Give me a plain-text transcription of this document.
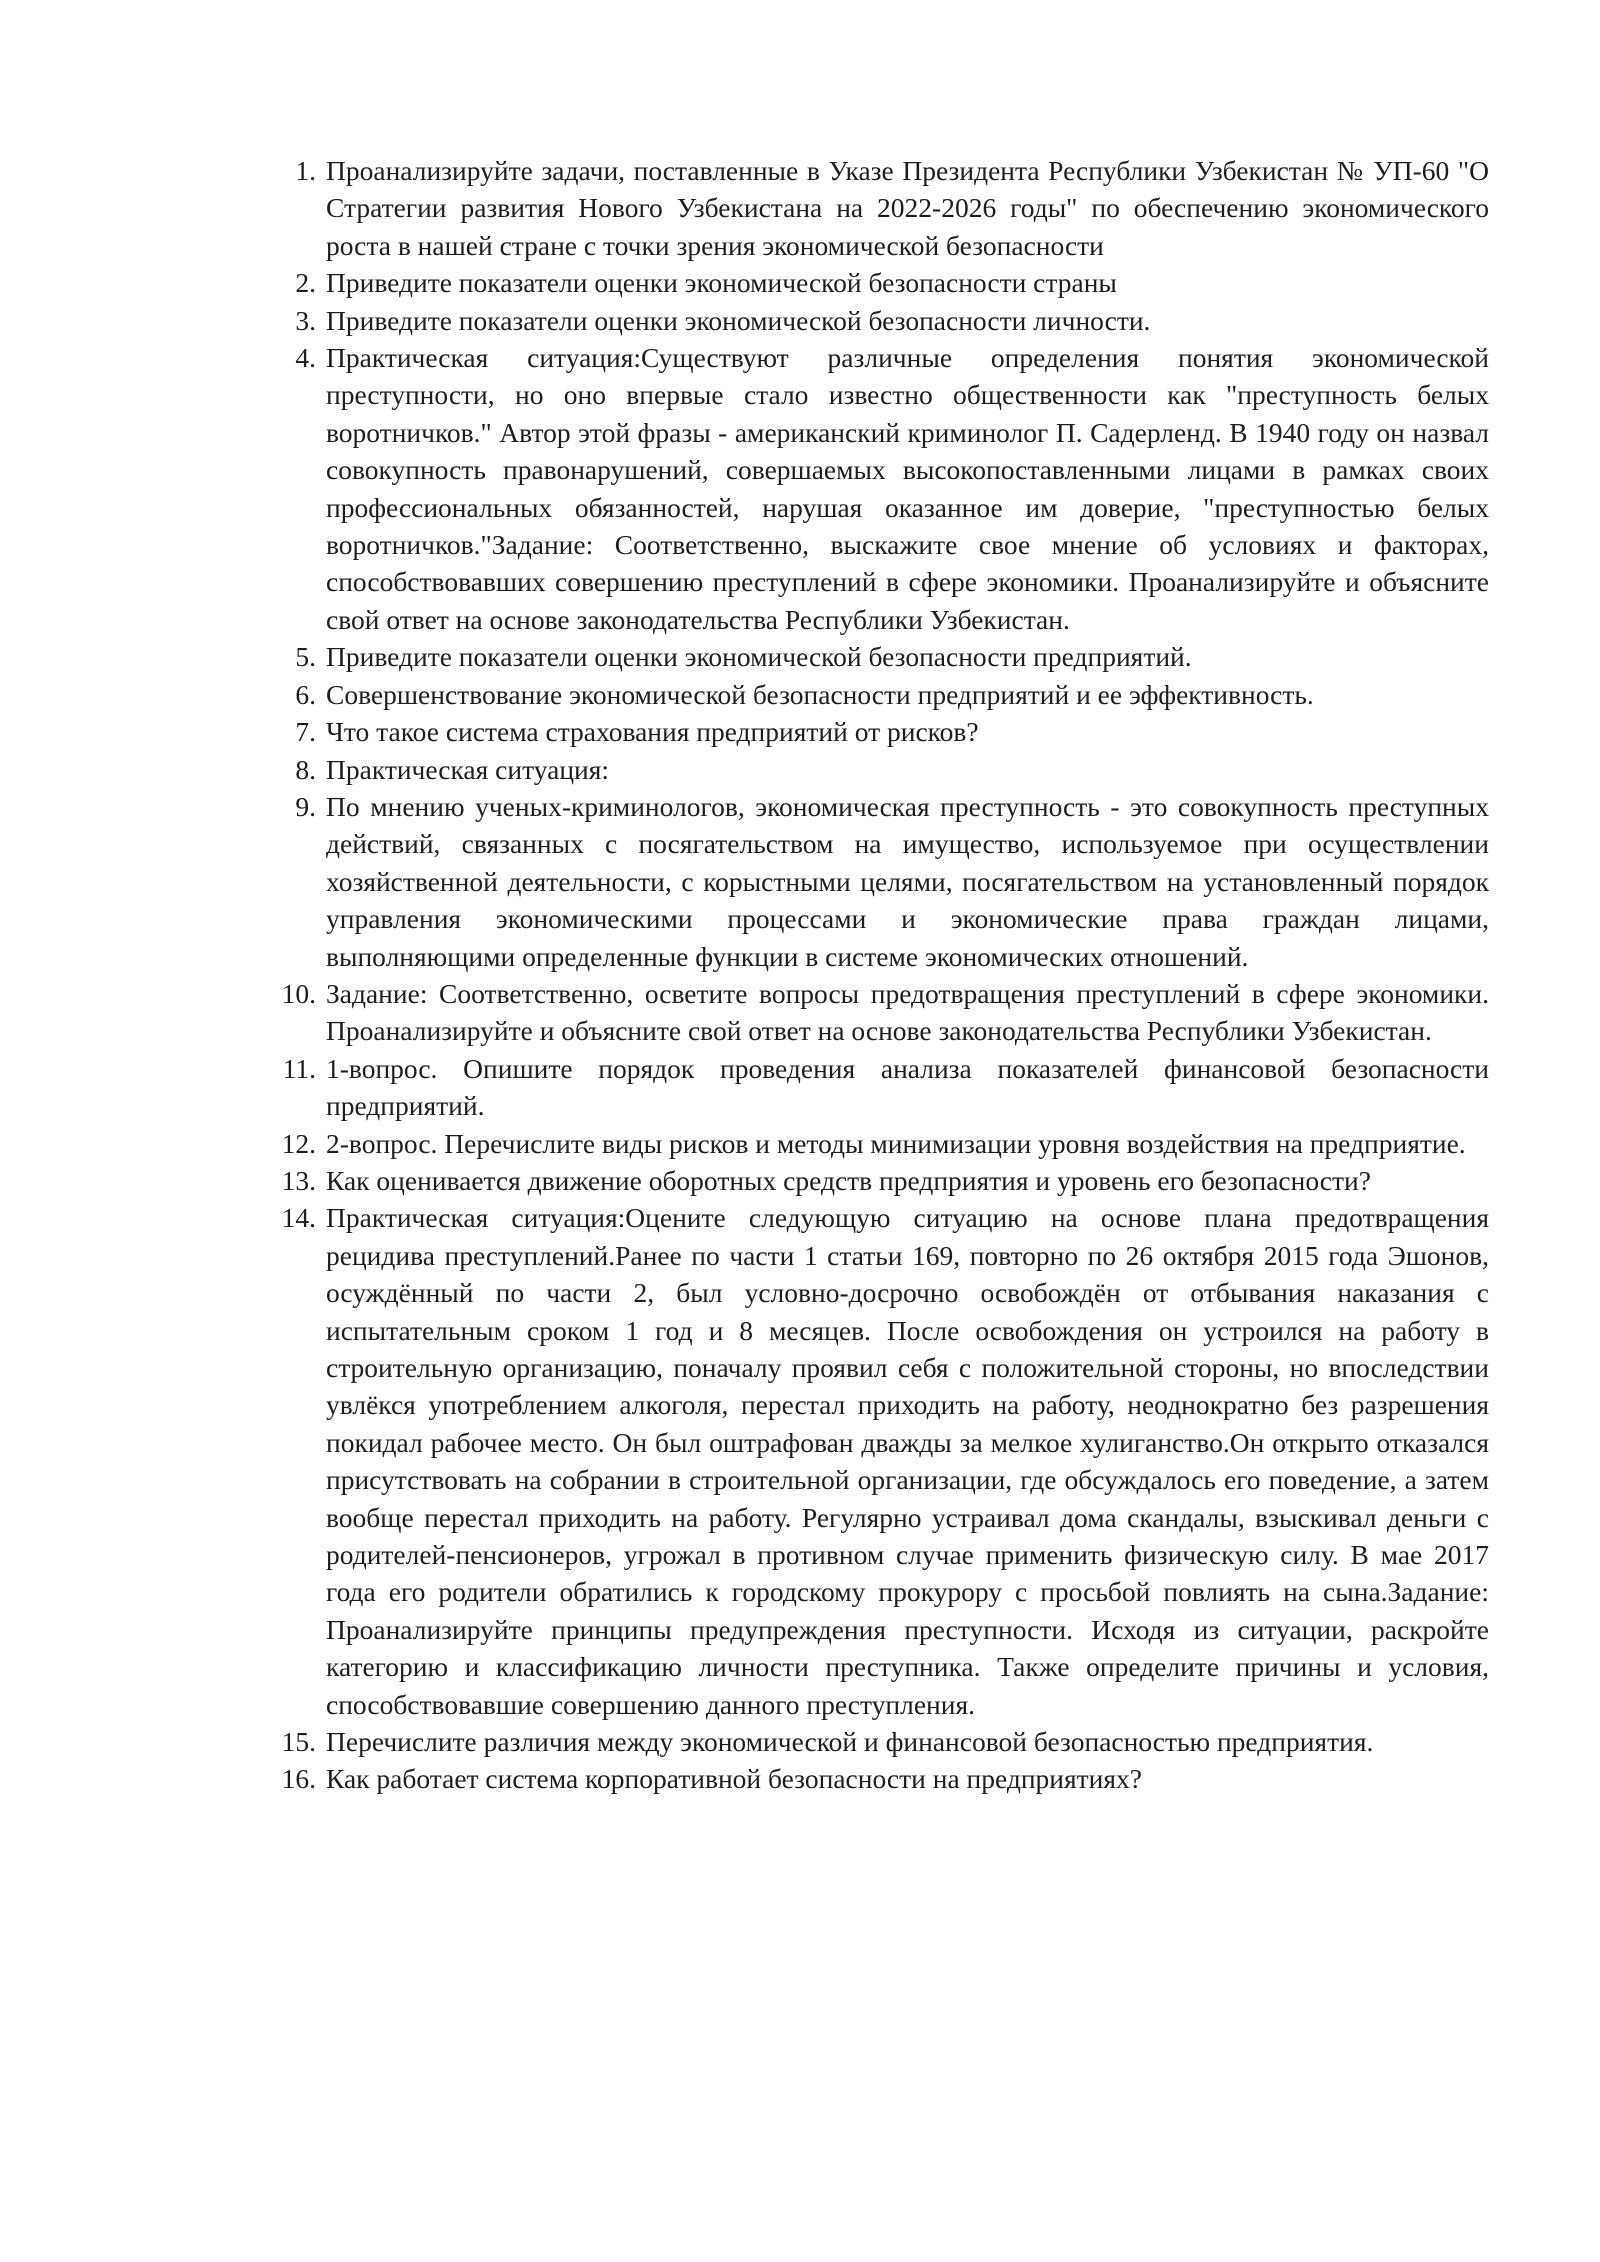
1. Проанализируйте задачи, поставленные в Указе Президента Республики Узбекистан № УП-60 "О Стратегии развития Нового Узбекистана на 2022-2026 годы" по обеспечению экономического роста в нашей стране с точки зрения экономической безопасности
2. Приведите показатели оценки экономической безопасности страны
3. Приведите показатели оценки экономической безопасности личности.
4. Практическая ситуация:Существуют различные определения понятия экономической преступности, но оно впервые стало известно общественности как "преступность белых воротничков." Автор этой фразы - американский криминолог П. Садерленд. В 1940 году он назвал совокупность правонарушений, совершаемых высокопоставленными лицами в рамках своих профессиональных обязанностей, нарушая оказанное им доверие, "преступностью белых воротничков."Задание: Соответственно, выскажите свое мнение об условиях и факторах, способствовавших совершению преступлений в сфере экономики. Проанализируйте и объясните свой ответ на основе законодательства Республики Узбекистан.
5. Приведите показатели оценки экономической безопасности предприятий.
6. Совершенствование экономической безопасности предприятий и ее эффективность.
7. Что такое система страхования предприятий от рисков?
8. Практическая ситуация:
9. По мнению ученых-криминологов, экономическая преступность - это совокупность преступных действий, связанных с посягательством на имущество, используемое при осуществлении хозяйственной деятельности, с корыстными целями, посягательством на установленный порядок управления экономическими процессами и экономические права граждан лицами, выполняющими определенные функции в системе экономических отношений.
10. Задание: Соответственно, осветите вопросы предотвращения преступлений в сфере экономики. Проанализируйте и объясните свой ответ на основе законодательства Республики Узбекистан.
11. 1-вопрос. Опишите порядок проведения анализа показателей финансовой безопасности предприятий.
12. 2-вопрос. Перечислите виды рисков и методы минимизации уровня воздействия на предприятие.
13. Как оценивается движение оборотных средств предприятия и уровень его безопасности?
14. Практическая ситуация:Оцените следующую ситуацию на основе плана предотвращения рецидива преступлений.Ранее по части 1 статьи 169, повторно по 26 октября 2015 года Эшонов, осуждённый по части 2, был условно-досрочно освобождён от отбывания наказания с испытательным сроком 1 год и 8 месяцев. После освобождения он устроился на работу в строительную организацию, поначалу проявил себя с положительной стороны, но впоследствии увлёкся употреблением алкоголя, перестал приходить на работу, неоднократно без разрешения покидал рабочее место. Он был оштрафован дважды за мелкое хулиганство.Он открыто отказался присутствовать на собрании в строительной организации, где обсуждалось его поведение, а затем вообще перестал приходить на работу. Регулярно устраивал дома скандалы, взыскивал деньги с родителей-пенсионеров, угрожал в противном случае применить физическую силу. В мае 2017 года его родители обратились к городскому прокурору с просьбой повлиять на сына.Задание: Проанализируйте принципы предупреждения преступности. Исходя из ситуации, раскройте категорию и классификацию личности преступника. Также определите причины и условия, способствовавшие совершению данного преступления.
15. Перечислите различия между экономической и финансовой безопасностью предприятия.
16. Как работает система корпоративной безопасности на предприятиях?
